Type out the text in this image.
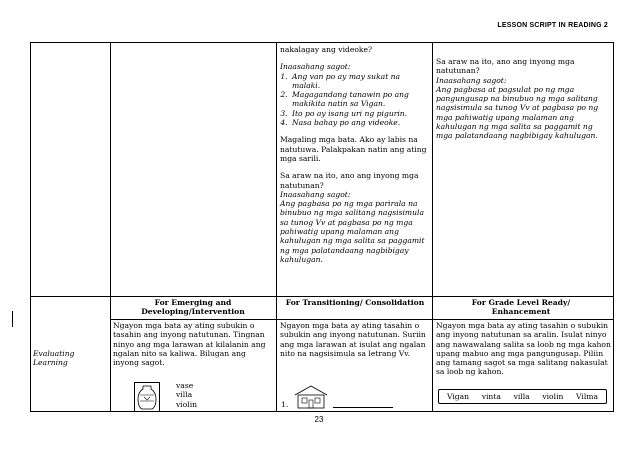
LESSON SCRIPT IN READING 2

nakalagay ang videoke?

Inaasahang sagot:

1. Ang van po ay may sukat na malaki.
2. Magagandang tanawin po ang makikita natin sa Vigan.
3. Ito po ay isang uri ng pigurin.
4. Nasa bahay po ang videoke.

Magaling mga bata. Ako ay labis na natutuwa. Palakpakan natin ang ating mga sarili.

Sa araw na ito, ano ang inyong mga natutunan?

Inaasahang sagot:

Ang pagbasa po ng mga parirala na binubuo ng mga salitang nagsisimula sa tunog Vv at pagbasa po ng mga pahiwatig upang malaman ang kahulugan ng mga salita sa paggamit ng mga palatandaang nagbibigay kahulugan.

Sa araw na ito, ano ang inyong mga natutunan?

Inaasahang sagot:

Ang pagbasa at pagsulat po ng mga pangungusap na binubuo ng mga salitang nagsisimula sa tunog Vv at pagbasa po ng mga pahiwatig upang malaman ang kahulugan ng mga salita sa paggamit ng mga palatandaang nagbibigay kahulugan.

Evaluating Learning
For Emerging and Developing/Intervention
For Transitioning/ Consolidation	For Grade Level Ready/ Enhancement

Ngayon mga bata ay ating subukin o tasahin ang inyong natutunan. Tingnan ninyo ang mga larawan at kilalanin ang ngalan nito sa kaliwa. Bilugan ang inyong sagot.

vase

villa

violin

Ngayon mga bata ay ating tasahin o subukin ang inyong natutunan. Suriin ang mga larawan at isulat ang ngalan nito na nagsisimula sa letrang Vv.

1.

Ngayon mga bata ay ating tasahin o subukin ang inyong natutunan sa aralin. Isulat ninyo ang nawawalang salita sa loob ng mga kahon upang mabuo ang mga pangungusap. Piliin ang tamang sagot sa mga salitang nakasulat sa loob ng kahon.

Vigan vinta villa violin Vilma
23
